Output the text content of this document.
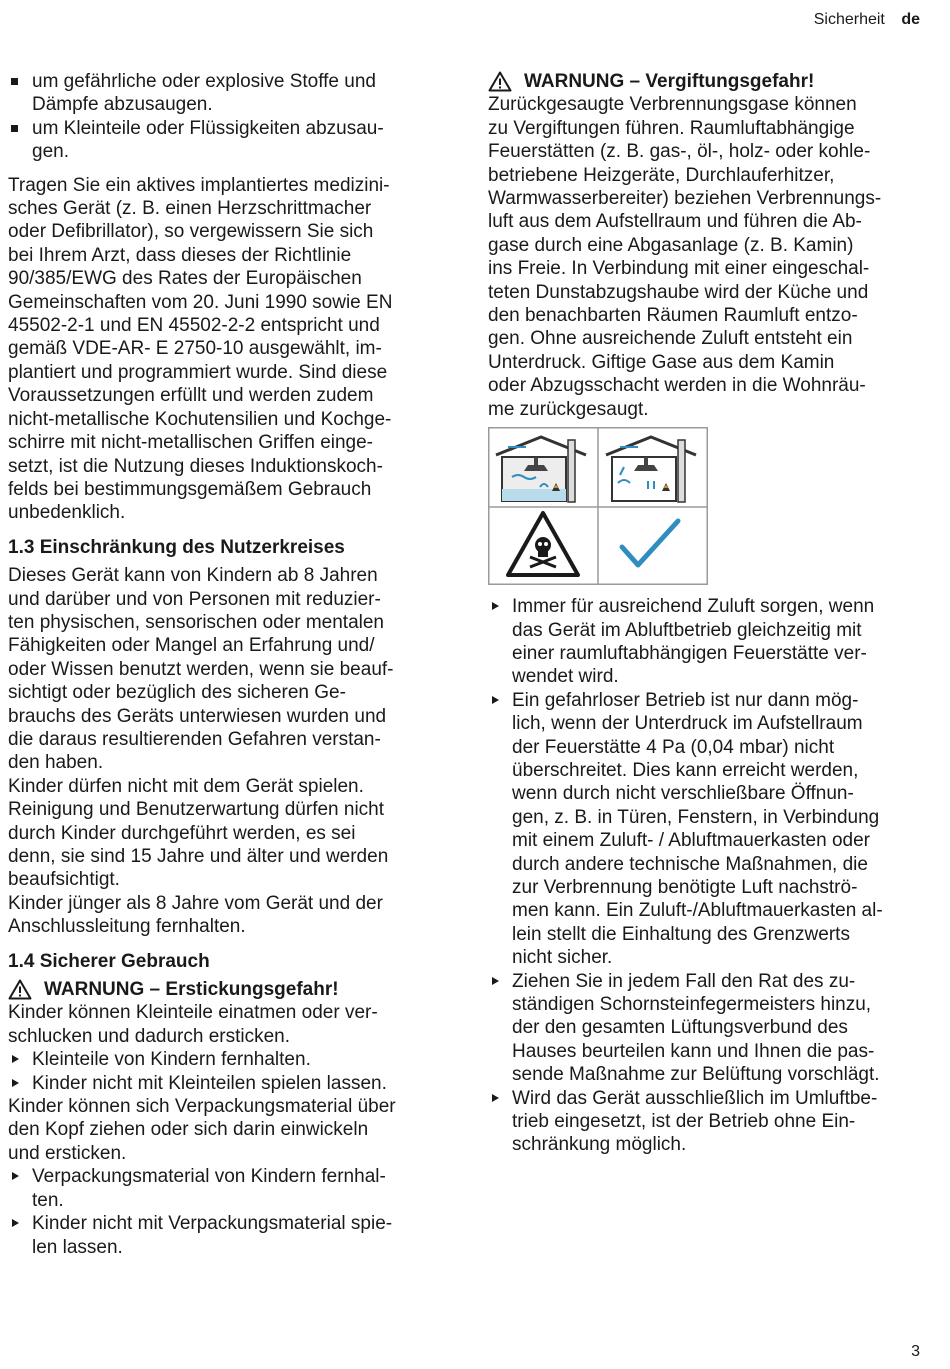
Sicherheit de
um gefährliche oder explosive Stoffe und
Dämpfe abzusaugen.
um Kleinteile oder Flüssigkeiten abzusau-
gen.

Tragen Sie ein aktives implantiertes medizini-
sches Gerät (z. B. einen Herzschrittmacher
oder Defibrillator), so vergewissern Sie sich
bei Ihrem Arzt, dass dieses der Richtlinie
90/385/EWG des Rates der Europäischen
Gemeinschaften vom 20. Juni 1990 sowie EN
45502-2-1 und EN 45502-2-2 entspricht und
gemäß VDE-AR- E 2750-10 ausgewählt, im-
plantiert und programmiert wurde. Sind diese
Voraussetzungen erfüllt und werden zudem
nicht-metallische Kochutensilien und Kochge-
schirre mit nicht-metallischen Griffen einge-
setzt, ist die Nutzung dieses Induktionskoch-
felds bei bestimmungsgemäßem Gebrauch
unbedenklich.

1.3 Einschränkung des Nutzerkreises

Dieses Gerät kann von Kindern ab 8 Jahren
und darüber und von Personen mit reduzier-
ten physischen, sensorischen oder mentalen
Fähigkeiten oder Mangel an Erfahrung und/
oder Wissen benutzt werden, wenn sie beauf-
sichtigt oder bezüglich des sicheren Ge-
brauchs des Geräts unterwiesen wurden und
die daraus resultierenden Gefahren verstan-
den haben.

Kinder dürfen nicht mit dem Gerät spielen.

Reinigung und Benutzerwartung dürfen nicht
durch Kinder durchgeführt werden, es sei
denn, sie sind 15 Jahre und älter und werden
beaufsichtigt.

Kinder jünger als 8 Jahre vom Gerät und der
Anschlussleitung fernhalten.

1.4 Sicherer Gebrauch
WARNUNG – Erstickungsgefahr!

Kinder können Kleinteile einatmen oder ver-
schlucken und dadurch ersticken.

Kleinteile von Kindern fernhalten.
Kinder nicht mit Kleinteilen spielen lassen.

Kinder können sich Verpackungsmaterial über
den Kopf ziehen oder sich darin einwickeln
und ersticken.

Verpackungsmaterial von Kindern fernhal-
ten.
Kinder nicht mit Verpackungsmaterial spie-
len lassen.
WARNUNG – Vergiftungsgefahr!

Zurückgesaugte Verbrennungsgase können
zu Vergiftungen führen. Raumluftabhängige
Feuerstätten (z. B. gas-, öl-, holz- oder kohle-
betriebene Heizgeräte, Durchlauferhitzer,
Warmwasserbereiter) beziehen Verbrennungs-
luft aus dem Aufstellraum und führen die Ab-
gase durch eine Abgasanlage (z. B. Kamin)
ins Freie. In Verbindung mit einer eingeschal-
teten Dunstabzugshaube wird der Küche und
den benachbarten Räumen Raumluft entzo-
gen. Ohne ausreichende Zuluft entsteht ein
Unterdruck. Giftige Gase aus dem Kamin
oder Abzugsschacht werden in die Wohnräu-
me zurückgesaugt.

Immer für ausreichend Zuluft sorgen, wenn
das Gerät im Abluftbetrieb gleichzeitig mit
einer raumluftabhängigen Feuerstätte ver-
wendet wird.
Ein gefahrloser Betrieb ist nur dann mög-
lich, wenn der Unterdruck im Aufstellraum
der Feuerstätte 4 Pa (0,04 mbar) nicht
überschreitet. Dies kann erreicht werden,
wenn durch nicht verschließbare Öffnun-
gen, z. B. in Türen, Fenstern, in Verbindung
mit einem Zuluft- / Abluftmauerkasten oder
durch andere technische Maßnahmen, die
zur Verbrennung benötigte Luft nachströ-
men kann. Ein Zuluft-/Abluftmauerkasten al-
lein stellt die Einhaltung des Grenzwerts
nicht sicher.
Ziehen Sie in jedem Fall den Rat des zu-
ständigen Schornsteinfegermeisters hinzu,
der den gesamten Lüftungsverbund des
Hauses beurteilen kann und Ihnen die pas-
sende Maßnahme zur Belüftung vorschlägt.
Wird das Gerät ausschließlich im Umluftbe-
trieb eingesetzt, ist der Betrieb ohne Ein-
schränkung möglich.
3
